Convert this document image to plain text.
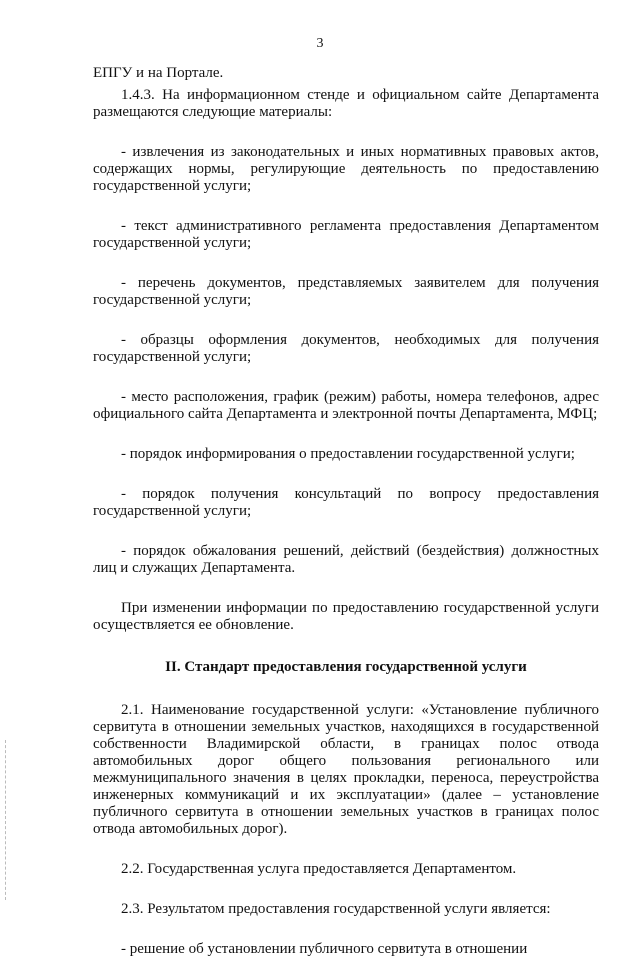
3

ЕПГУ и на Портале.

1.4.3. На информационном стенде и официальном сайте Департамента размещаются следующие материалы:

- извлечения из законодательных и иных нормативных правовых актов, содержащих нормы, регулирующие деятельность по предоставлению государственной услуги;

- текст административного регламента предоставления Департаментом государственной услуги;

- перечень документов, представляемых заявителем для получения государственной услуги;

- образцы оформления документов, необходимых для получения государственной услуги;

- место расположения, график (режим) работы, номера телефонов, адрес официального сайта Департамента и электронной почты Департамента, МФЦ;

- порядок информирования о предоставлении государственной услуги;

- порядок получения консультаций по вопросу предоставления государственной услуги;

- порядок обжалования решений, действий (бездействия) должностных лиц и служащих Департамента.

При изменении информации по предоставлению государственной услуги осуществляется ее обновление.

II. Стандарт предоставления государственной услуги

2.1. Наименование государственной услуги: «Установление публичного сервитута в отношении земельных участков, находящихся в государственной собственности Владимирской области, в границах полос отвода автомобильных дорог общего пользования регионального или межмуниципального значения в целях прокладки, переноса, переустройства инженерных коммуникаций и их эксплуатации» (далее – установление публичного сервитута в отношении земельных участков в границах полос отвода автомобильных дорог).

2.2. Государственная услуга предоставляется Департаментом.

2.3. Результатом предоставления государственной услуги является:

- решение об установлении публичного сервитута в отношении
